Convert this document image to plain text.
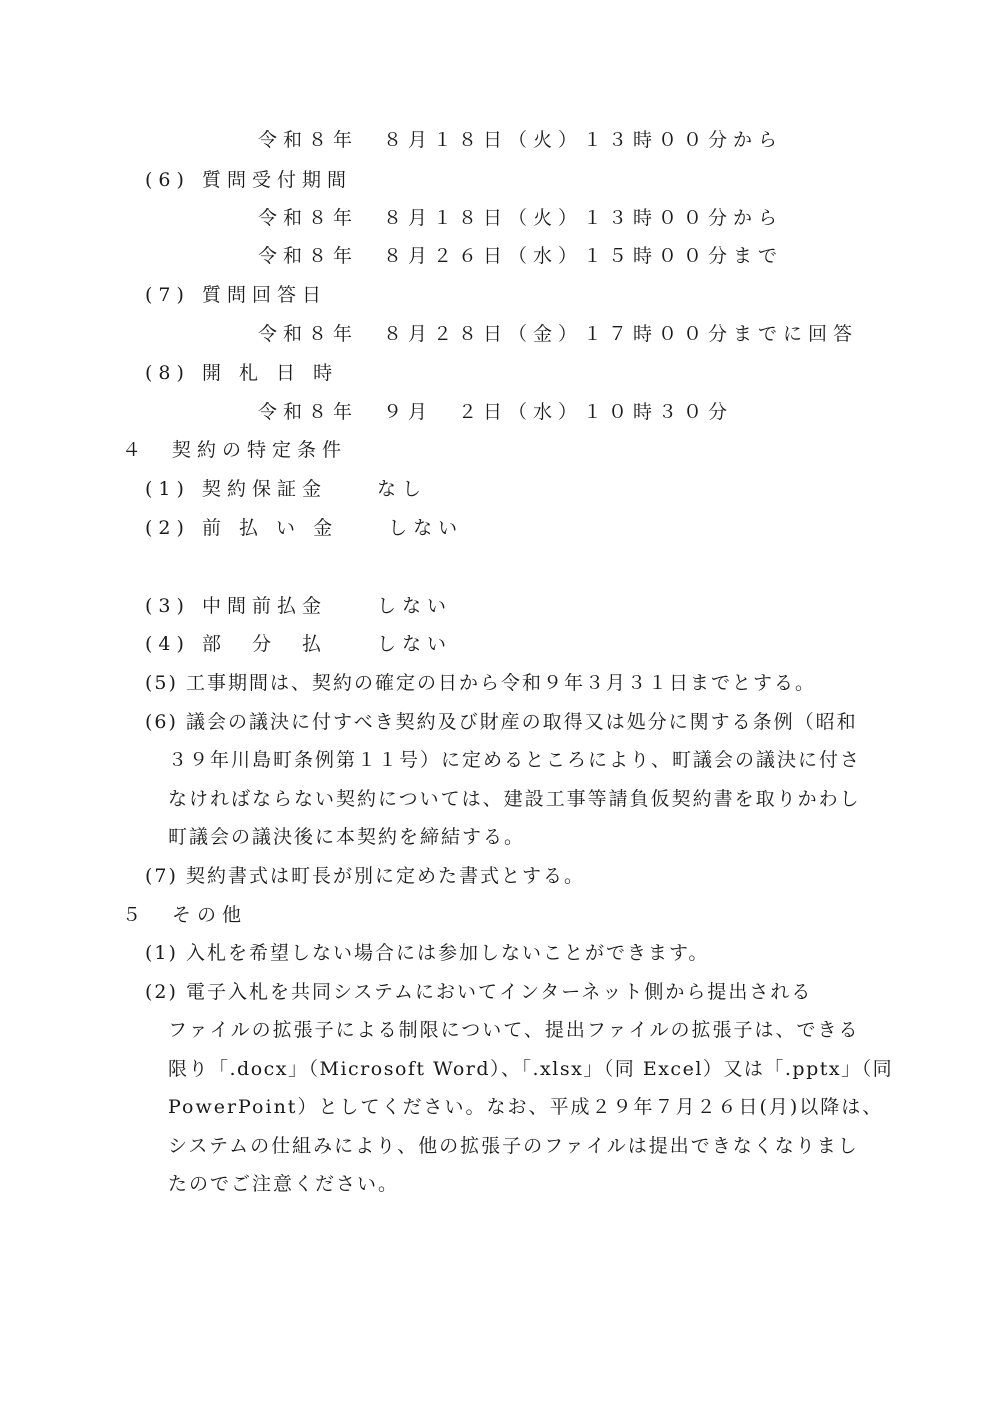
令和８年　８月１８日（火）１３時００分から
(6) 質問受付期間
令和８年　８月１８日（火）１３時００分から
令和８年　８月２６日（水）１５時００分まで
(7) 質問回答日
令和８年　８月２８日（金）１７時００分までに回答
(8) 開 札 日 時
令和８年　９月　２日（水）１０時３０分
４　契約の特定条件
(1) 契約保証金　　なし
(2) 前 払 い 金　　しない
(3) 中間前払金　　しない
(4) 部　分　払　　しない
(5) 工事期間は、契約の確定の日から令和９年３月３１日までとする。
(6) 議会の議決に付すべき契約及び財産の取得又は処分に関する条例（昭和
３９年川島町条例第１１号）に定めるところにより、町議会の議決に付さ
なければならない契約については、建設工事等請負仮契約書を取りかわし
町議会の議決後に本契約を締結する。
(7) 契約書式は町長が別に定めた書式とする。
５　その他
(1) 入札を希望しない場合には参加しないことができます。
(2) 電子入札を共同システムにおいてインターネット側から提出される
ファイルの拡張子による制限について、提出ファイルの拡張子は、できる
限り「.docx」（Microsoft Word）、「.xlsx」（同 Excel）又は「.pptx」（同
PowerPoint）としてください。なお、平成２９年７月２６日(月)以降は、
システムの仕組みにより、他の拡張子のファイルは提出できなくなりまし
たのでご注意ください。
